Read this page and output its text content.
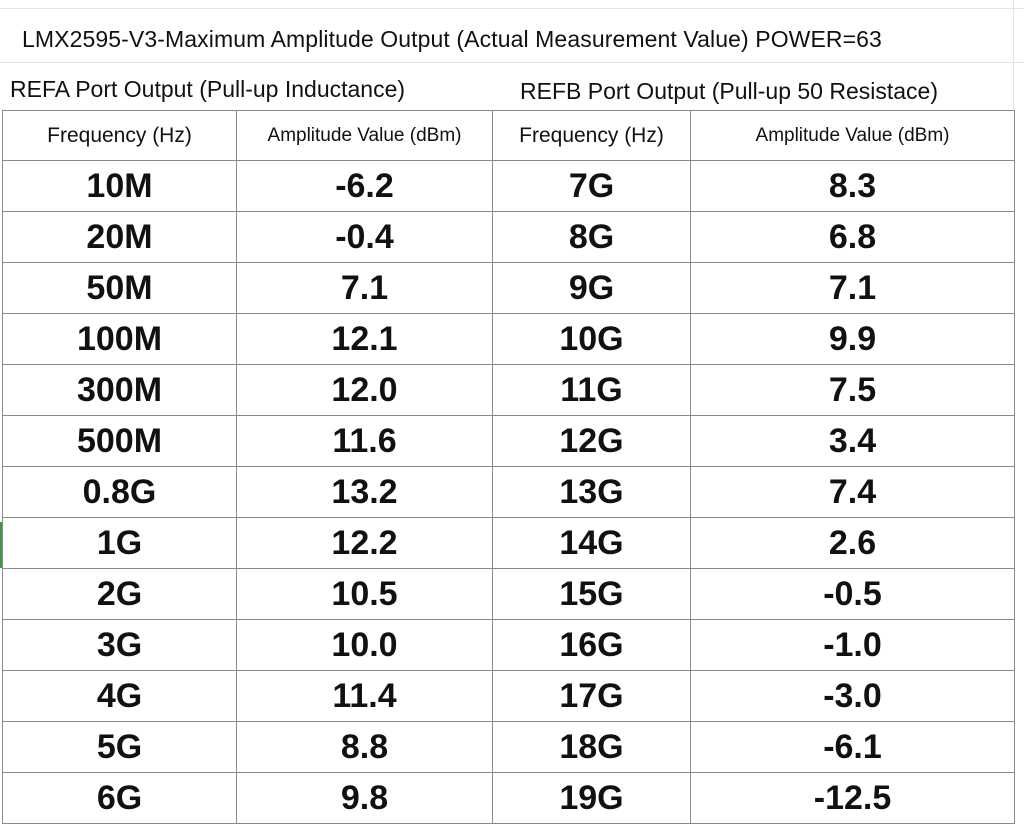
LMX2595-V3-Maximum Amplitude Output (Actual Measurement Value) POWER=63
REFA Port Output (Pull-up Inductance)	REFB Port Output (Pull-up 50 Resistace)
Frequency (Hz)	Amplitude Value (dBm)	Frequency (Hz)	Amplitude Value (dBm)
10M	-6.2	7G	8.3
20M	-0.4	8G	6.8
50M	7.1	9G	7.1
100M	12.1	10G	9.9
300M	12.0	11G	7.5
500M	11.6	12G	3.4
0.8G	13.2	13G	7.4
1G	12.2	14G	2.6
2G	10.5	15G	-0.5
3G	10.0	16G	-1.0
4G	11.4	17G	-3.0
5G	8.8	18G	-6.1
6G	9.8	19G	-12.5
